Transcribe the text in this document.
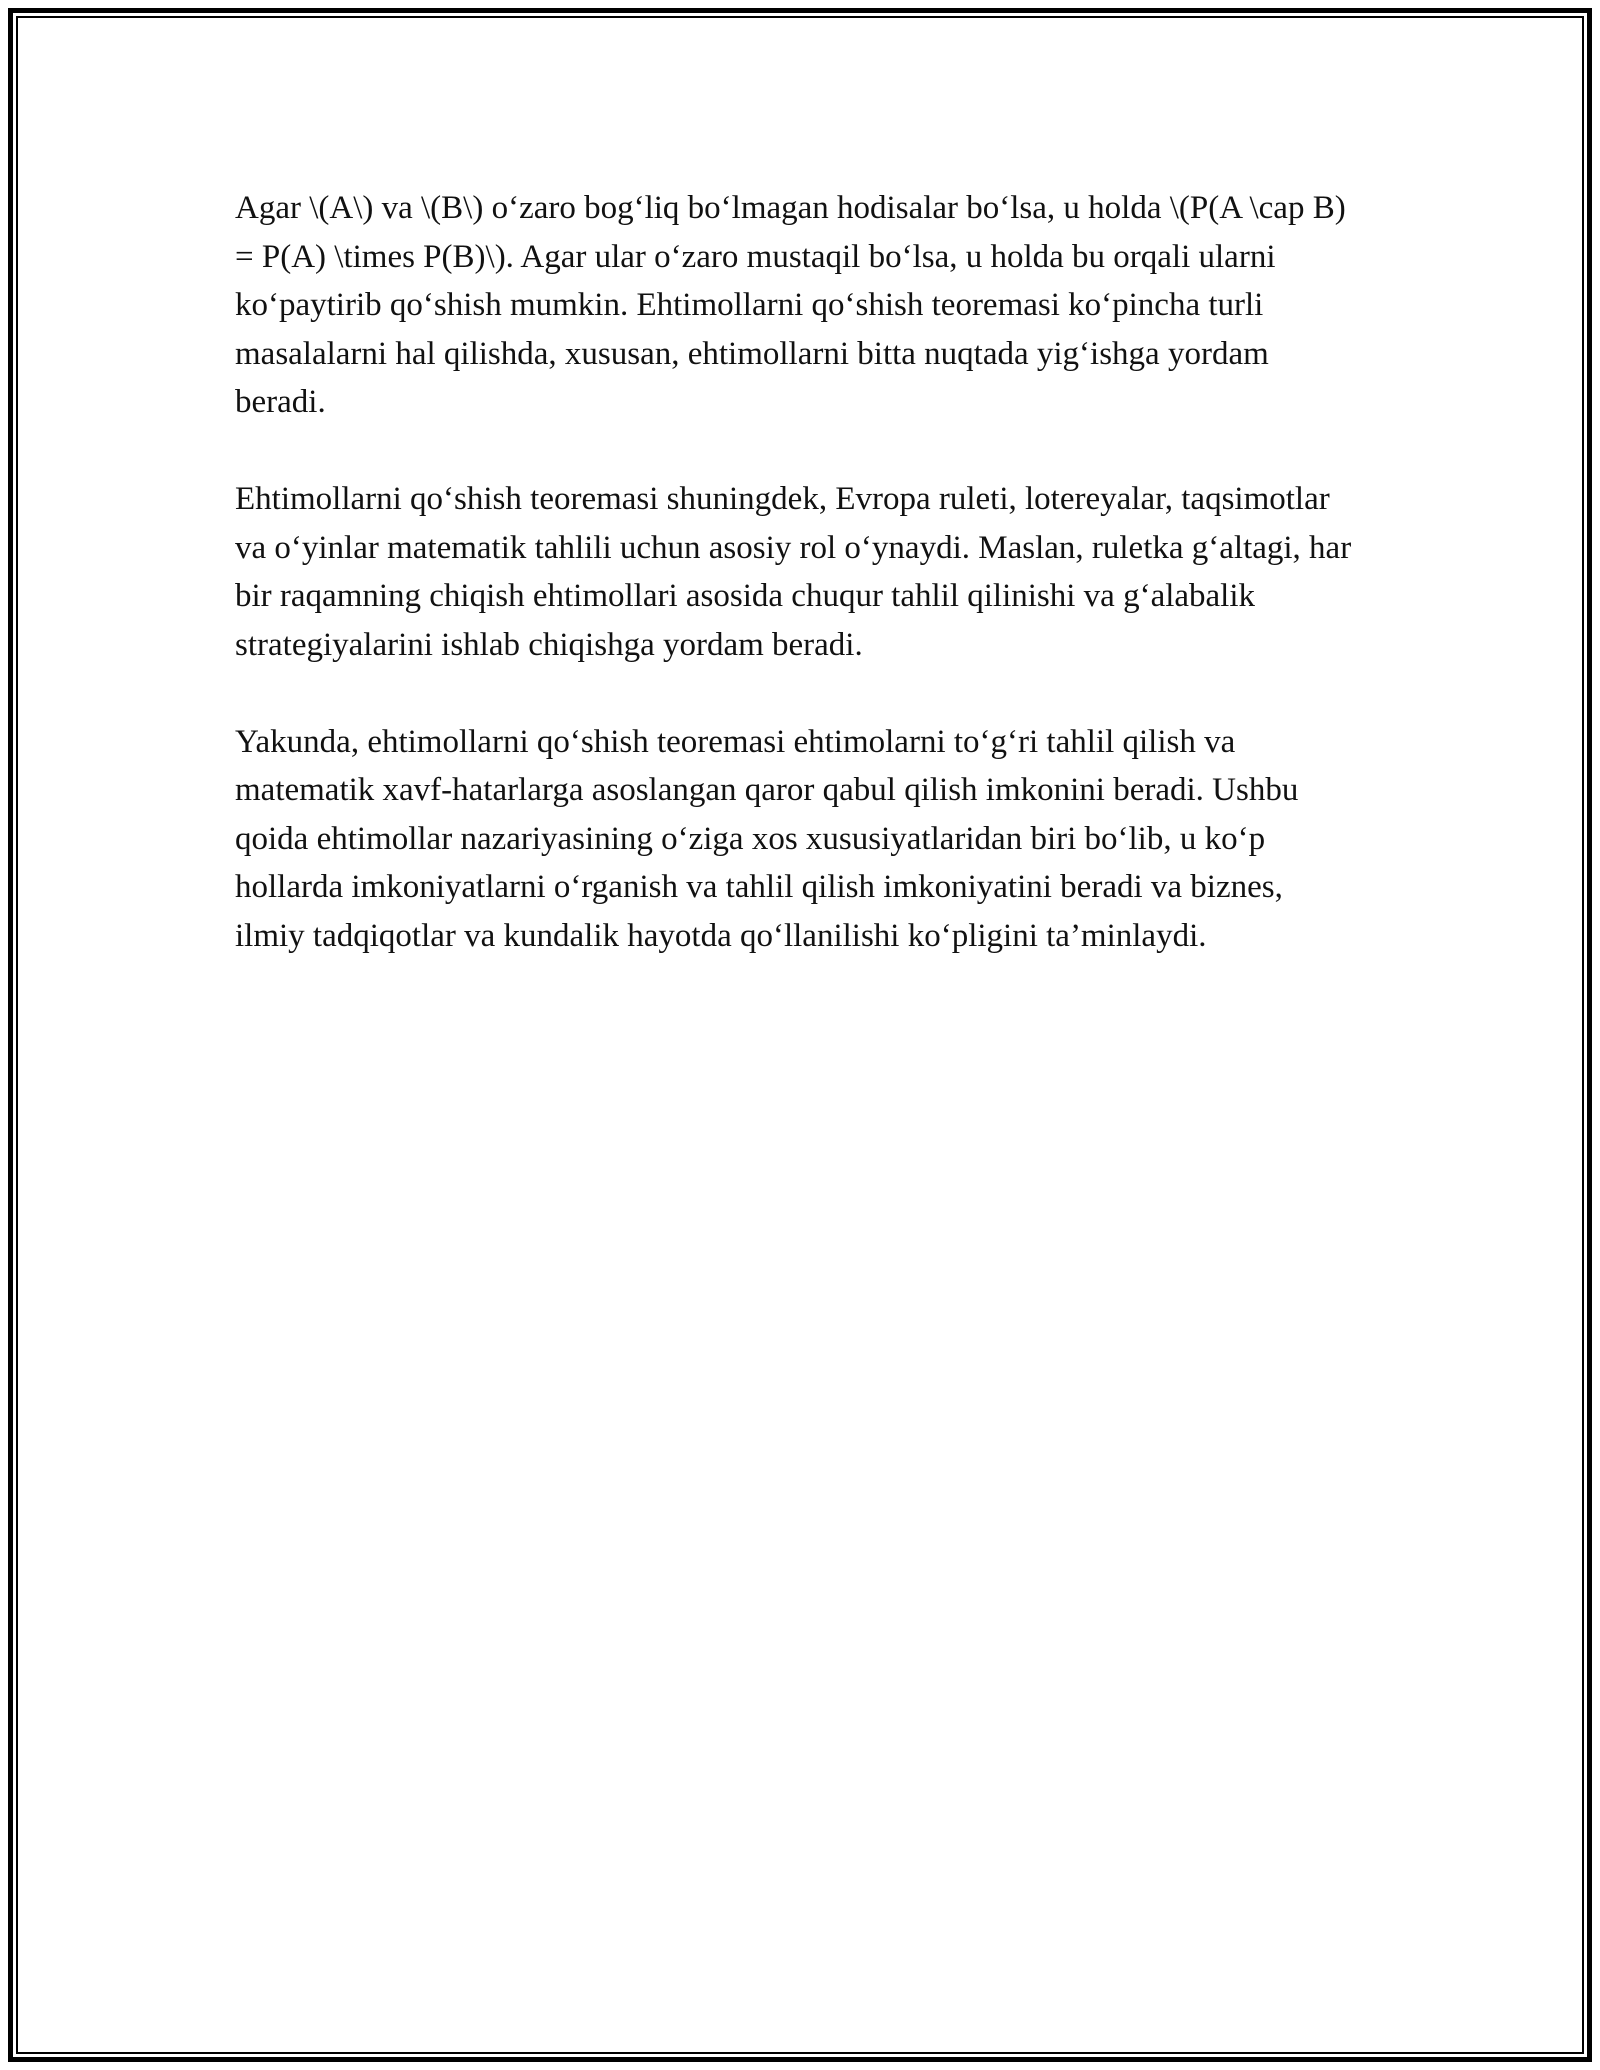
Agar \(A\) va \(B\) o‘zaro bog‘liq bo‘lmagan hodisalar bo‘lsa, u holda \(P(A \cap B) = P(A) \times P(B)\). Agar ular o‘zaro mustaqil bo‘lsa, u holda bu orqali ularni ko‘paytirib qo‘shish mumkin. Ehtimollarni qo‘shish teoremasi ko‘pincha turli masalalarni hal qilishda, xususan, ehtimollarni bitta nuqtada yig‘ishga yordam beradi.

Ehtimollarni qo‘shish teoremasi shuningdek, Evropa ruleti, lotereyalar, taqsimotlar va o‘yinlar matematik tahlili uchun asosiy rol o‘ynaydi. Maslan, ruletka g‘altagi, har bir raqamning chiqish ehtimollari asosida chuqur tahlil qilinishi va g‘alabalik strategiyalarini ishlab chiqishga yordam beradi.

Yakunda, ehtimollarni qo‘shish teoremasi ehtimolarni to‘g‘ri tahlil qilish va matematik xavf-hatarlarga asoslangan qaror qabul qilish imkonini beradi. Ushbu qoida ehtimollar nazariyasining o‘ziga xos xususiyatlaridan biri bo‘lib, u ko‘p hollarda imkoniyatlarni o‘rganish va tahlil qilish imkoniyatini beradi va biznes, ilmiy tadqiqotlar va kundalik hayotda qo‘llanilishi ko‘pligini ta’minlaydi.
